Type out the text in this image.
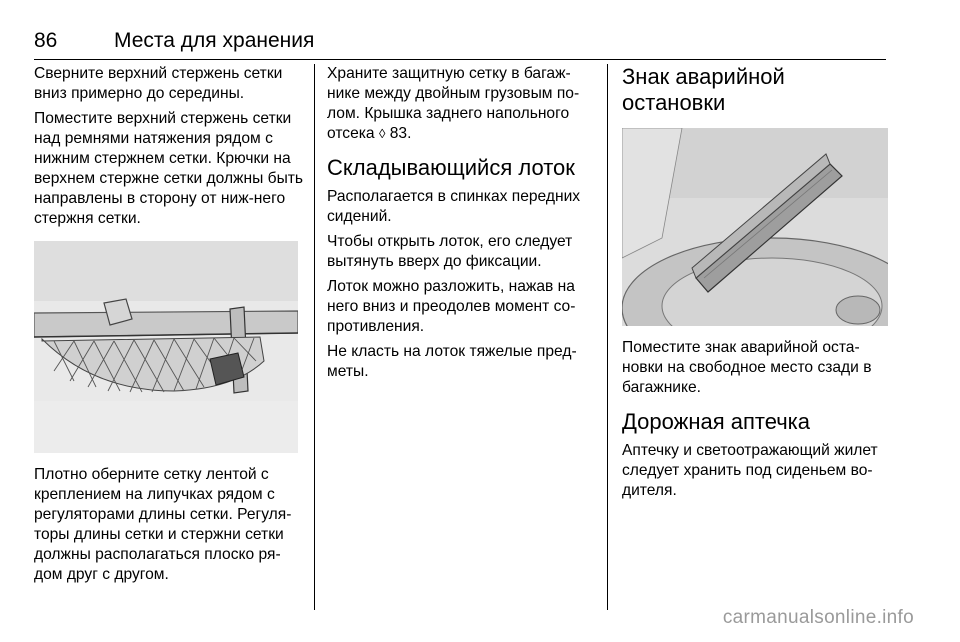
86	Места для хранения

Сверните верхний стержень сетки вниз примерно до середины.

Поместите верхний стержень сетки над ремнями натяжения рядом с нижним стержнем сетки. Крючки на верхнем стержне сетки должны быть направлены в сторону от ниж-него стержня сетки.

Плотно оберните сетку лентой с креплением на липучках рядом с регуляторами длины сетки. Регуля-торы длины сетки и стержни сетки должны располагаться плоско ря-дом друг с другом.

Храните защитную сетку в багаж-нике между двойным грузовым по-лом. Крышка заднего напольного отсека ◊ 83.

Складывающийся лоток

Располагается в спинках передних сидений.

Чтобы открыть лоток, его следует вытянуть вверх до фиксации.

Лоток можно разложить, нажав на него вниз и преодолев момент со-противления.

Не класть на лоток тяжелые пред-меты.

Знак аварийной остановки

Поместите знак аварийной оста-новки на свободное место сзади в багажнике.

Дорожная аптечка

Аптечку и светоотражающий жилет следует хранить под сиденьем во-дителя.

carmanualsonline.info
